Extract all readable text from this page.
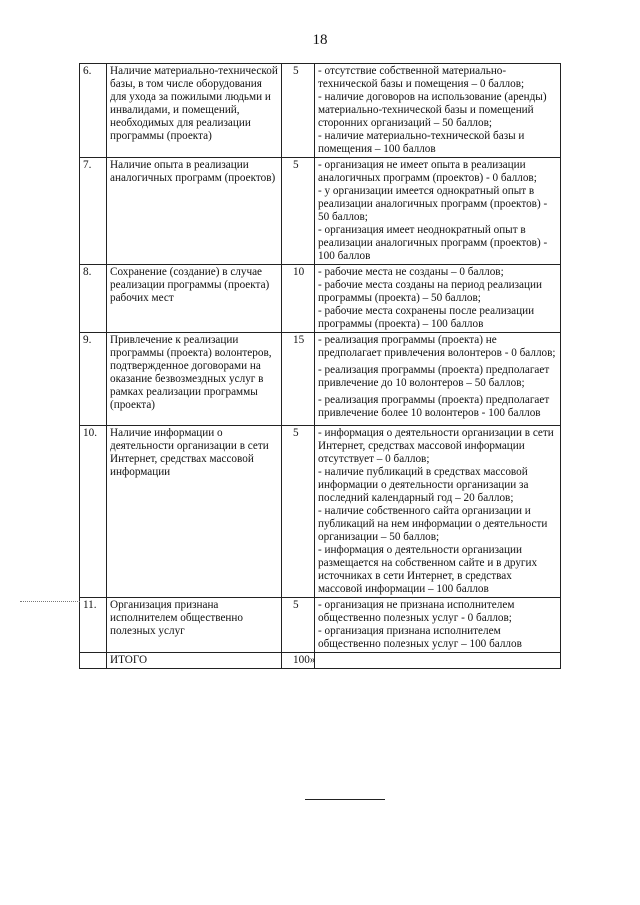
18
6.	Наличие материально-технической базы, в том числе оборудования для ухода за пожилыми людьми и инвалидами, и помещений, необходимых для реализации программы (проекта)	5	- отсутствие собственной материально-технической базы и помещения – 0 баллов;
- наличие договоров на использование (аренды) материально-технической базы и помещений сторонних организаций – 50 баллов;
- наличие материально-технической базы и помещения – 100 баллов

7.	Наличие опыта в реализации аналогичных программ (проектов)	5	- организация не имеет опыта в реализации аналогичных программ (проектов) - 0 баллов;
- у организации имеется однократный опыт в реализации аналогичных программ (проектов) - 50 баллов;
- организация имеет неоднократный опыт в реализации аналогичных программ (проектов) - 100 баллов

8.	Сохранение (создание) в случае реализации программы (проекта) рабочих мест	10	- рабочие места не созданы – 0 баллов;
- рабочие места созданы на период реализации программы (проекта) – 50 баллов;
- рабочие места сохранены после реализации программы (проекта) – 100 баллов

9.	Привлечение к реализации программы (проекта) волонтеров, подтвержденное договорами на оказание безвозмездных услуг в рамках реализации программы (проекта)	15	- реализация программы (проекта) не предполагает привлечения волонтеров - 0 баллов;
- реализация программы (проекта) предполагает привлечение до 10 волонтеров – 50 баллов;
- реализация программы (проекта) предполагает привлечение более 10 волонтеров - 100 баллов

10.	Наличие информации о деятельности организации в сети Интернет, средствах массовой информации	5	- информация о деятельности организации в сети Интернет, средствах массовой информации отсутствует – 0 баллов;
- наличие публикаций в средствах массовой информации о деятельности организации за последний календарный год – 20 баллов;
- наличие собственного сайта организации и публикаций на нем информации о деятельности организации – 50 баллов;
- информация о деятельности организации размещается на собственном сайте и в других источниках в сети Интернет, в средствах массовой информации – 100 баллов

11.	Организация признана исполнителем общественно полезных услуг	5	- организация не признана исполнителем общественно полезных услуг - 0 баллов;
- организация признана исполнителем общественно полезных услуг – 100 баллов

	ИТОГО	100»	
